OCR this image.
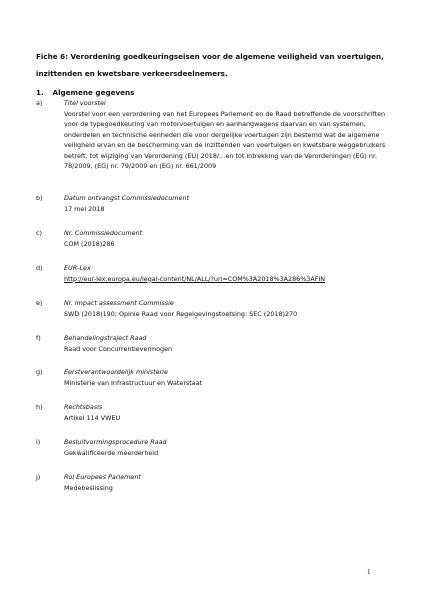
Fiche 6: Verordening goedkeuringseisen voor de algemene veiligheid van voertuigen, inzittenden en kwetsbare verkeersdeelnemers.
1. Algemene gegevens
a)	Titel voorstel
Voorstel voor een verordening van het Europees Parlement en de Raad betreffende de voorschriften voor de typegoedkeuring van motorvoertuigen en aanhangwagens daarvan en van systemen, onderdelen en technische eenheden die voor dergelijke voertuigen zijn bestemd wat de algemene veiligheid ervan en de bescherming van de inzittenden van voertuigen en kwetsbare weggebruikers betreft, tot wijziging van Verordening (EU) 2018/…en tot intrekking van de Verordeningen (EG) nr. 78/2009, (EG) nr. 79/2009 en (EG) nr. 661/2009
b)	Datum ontvangst Commissiedocument
17 mei 2018
c)	Nr. Commissiedocument
COM (2018)286
d)	EUR-Lex
http://eur-lex.europa.eu/legal-content/NL/ALL/?uri=COM%3A2018%3A286%3AFIN
e)	Nr. impact assessment Commissie
SWD (2018)190; Opinie Raad voor Regelgevingstoetsing: SEC (2018)270
f)	Behandelingstraject Raad
Raad voor Concurrentievermogen
g)	Eerstverantwoordelijk ministerie
Ministerie van Infrastructuur en Waterstaat
h)	Rechtsbasis
Artikel 114 VWEU
i)	Besluitvormingsprocedure Raad
Gekwalificeerde meerderheid
j)	Rol Europees Parlement
Medebeslissing
1
